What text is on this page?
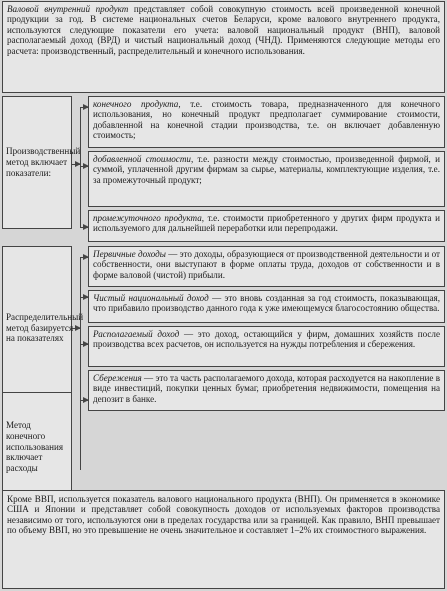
Валовой внутренний продукт представляет собой совокупную стоимость всей произведенной конечной продукции за год. В системе национальных счетов Беларуси, кроме валового внутреннего продукта, используются следующие показатели его учета: валовой национальный продукт (ВНП), валовой располагаемый доход (ВРД) и чистый национальный доход (ЧНД). Применяются следующие методы его расчета: производственный, распределительный и конечного использования.
Производственный метод включает показатели:
конечного продукта, т.е. стоимость товара, предназначенного для конечного использования, но конечный продукт предполагает суммирование стоимости, добавленной на конечной стадии производства, т.е. он включает добавленную стоимость;
добавленной стоимости, т.е. разности между стоимостью, произведенной фирмой, и суммой, уплаченной другим фирмам за сырье, материалы, комплектующие изделия, т.е. за промежуточный продукт;
промежуточного продукта, т.е. стоимости приобретенного у других фирм продукта и используемого для дальнейшей переработки или перепродажи.
Распределительный метод базируется на показателях
Первичные доходы — это доходы, образующиеся от производственной деятельности и от собственности, они выступают в форме оплаты труда, доходов от собственности и в форме валовой (чистой) прибыли.
Чистый национальный доход — это вновь созданная за год стоимость, показывающая, что прибавило производство данного года к уже имеющемуся благосостоянию общества.
Располагаемый доход — это доход, остающийся у фирм, домашних хозяйств после производства всех расчетов, он используется на нужды потребления и сбережения.
Сбережения — это та часть располагаемого дохода, которая расходуется на накопление в виде инвестиций, покупки ценных бумаг, приобретения недвижимости, помещения на депозит в банке.
Метод конечного использования включает расходы
Кроме ВВП, используется показатель валового национального продукта (ВНП). Он применяется в экономике США и Японии и представляет собой совокупность доходов от используемых факторов производства независимо от того, используются они в пределах государства или за границей. Как правило, ВНП превышает по объему ВВП, но это превышение не очень значительное и составляет 1–2% их стоимостного выражения.
